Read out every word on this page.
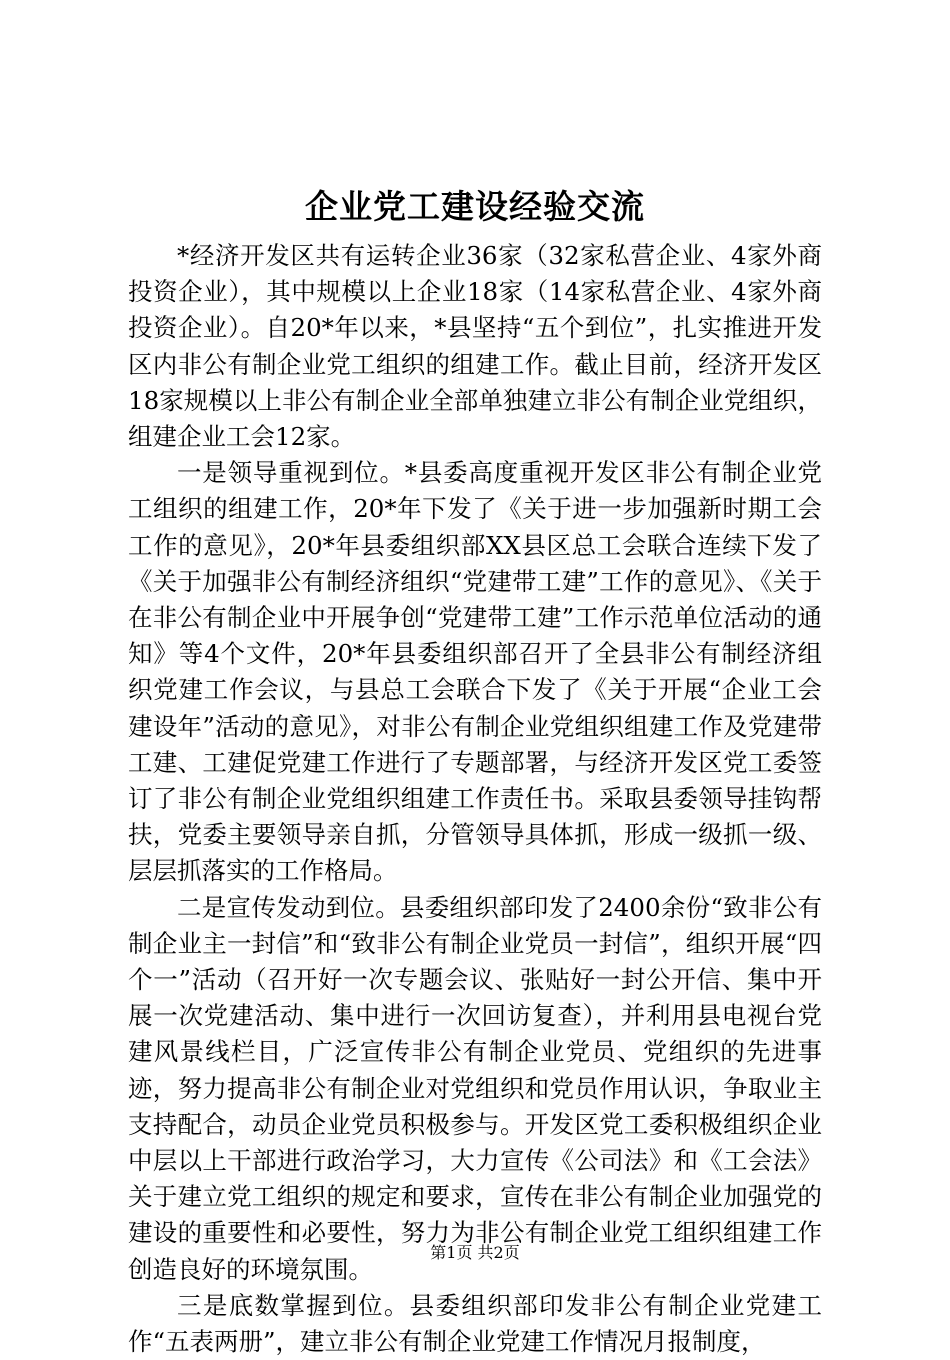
企业党工建设经验交流

*经济开发区共有运转企业36家（32家私营企业、4家外商投资企业），其中规模以上企业18家（14家私营企业、4家外商投资企业）。自20*年以来，*县坚持“五个到位”，扎实推进开发区内非公有制企业党工组织的组建工作。截止目前，经济开发区18家规模以上非公有制企业全部单独建立非公有制企业党组织，组建企业工会12家。

一是领导重视到位。*县委高度重视开发区非公有制企业党工组织的组建工作，20*年下发了《关于进一步加强新时期工会工作的意见》，20*年县委组织部XX县区总工会联合连续下发了《关于加强非公有制经济组织“党建带工建”工作的意见》、《关于在非公有制企业中开展争创“党建带工建”工作示范单位活动的通知》等4个文件，20*年县委组织部召开了全县非公有制经济组织党建工作会议，与县总工会联合下发了《关于开展“企业工会建设年”活动的意见》，对非公有制企业党组织组建工作及党建带工建、工建促党建工作进行了专题部署，与经济开发区党工委签订了非公有制企业党组织组建工作责任书。采取县委领导挂钩帮扶，党委主要领导亲自抓，分管领导具体抓，形成一级抓一级、层层抓落实的工作格局。

二是宣传发动到位。县委组织部印发了2400余份“致非公有制企业主一封信”和“致非公有制企业党员一封信”，组织开展“四个一”活动（召开好一次专题会议、张贴好一封公开信、集中开展一次党建活动、集中进行一次回访复查），并利用县电视台党建风景线栏目，广泛宣传非公有制企业党员、党组织的先进事迹，努力提高非公有制企业对党组织和党员作用认识，争取业主支持配合，动员企业党员积极参与。开发区党工委积极组织企业中层以上干部进行政治学习，大力宣传《公司法》和《工会法》关于建立党工组织的规定和要求，宣传在非公有制企业加强党的建设的重要性和必要性，努力为非公有制企业党工组织组建工作创造良好的环境氛围。

三是底数掌握到位。县委组织部印发非公有制企业党建工作“五表两册”，建立非公有制企业党建工作情况月报制度，

第1页 共2页
